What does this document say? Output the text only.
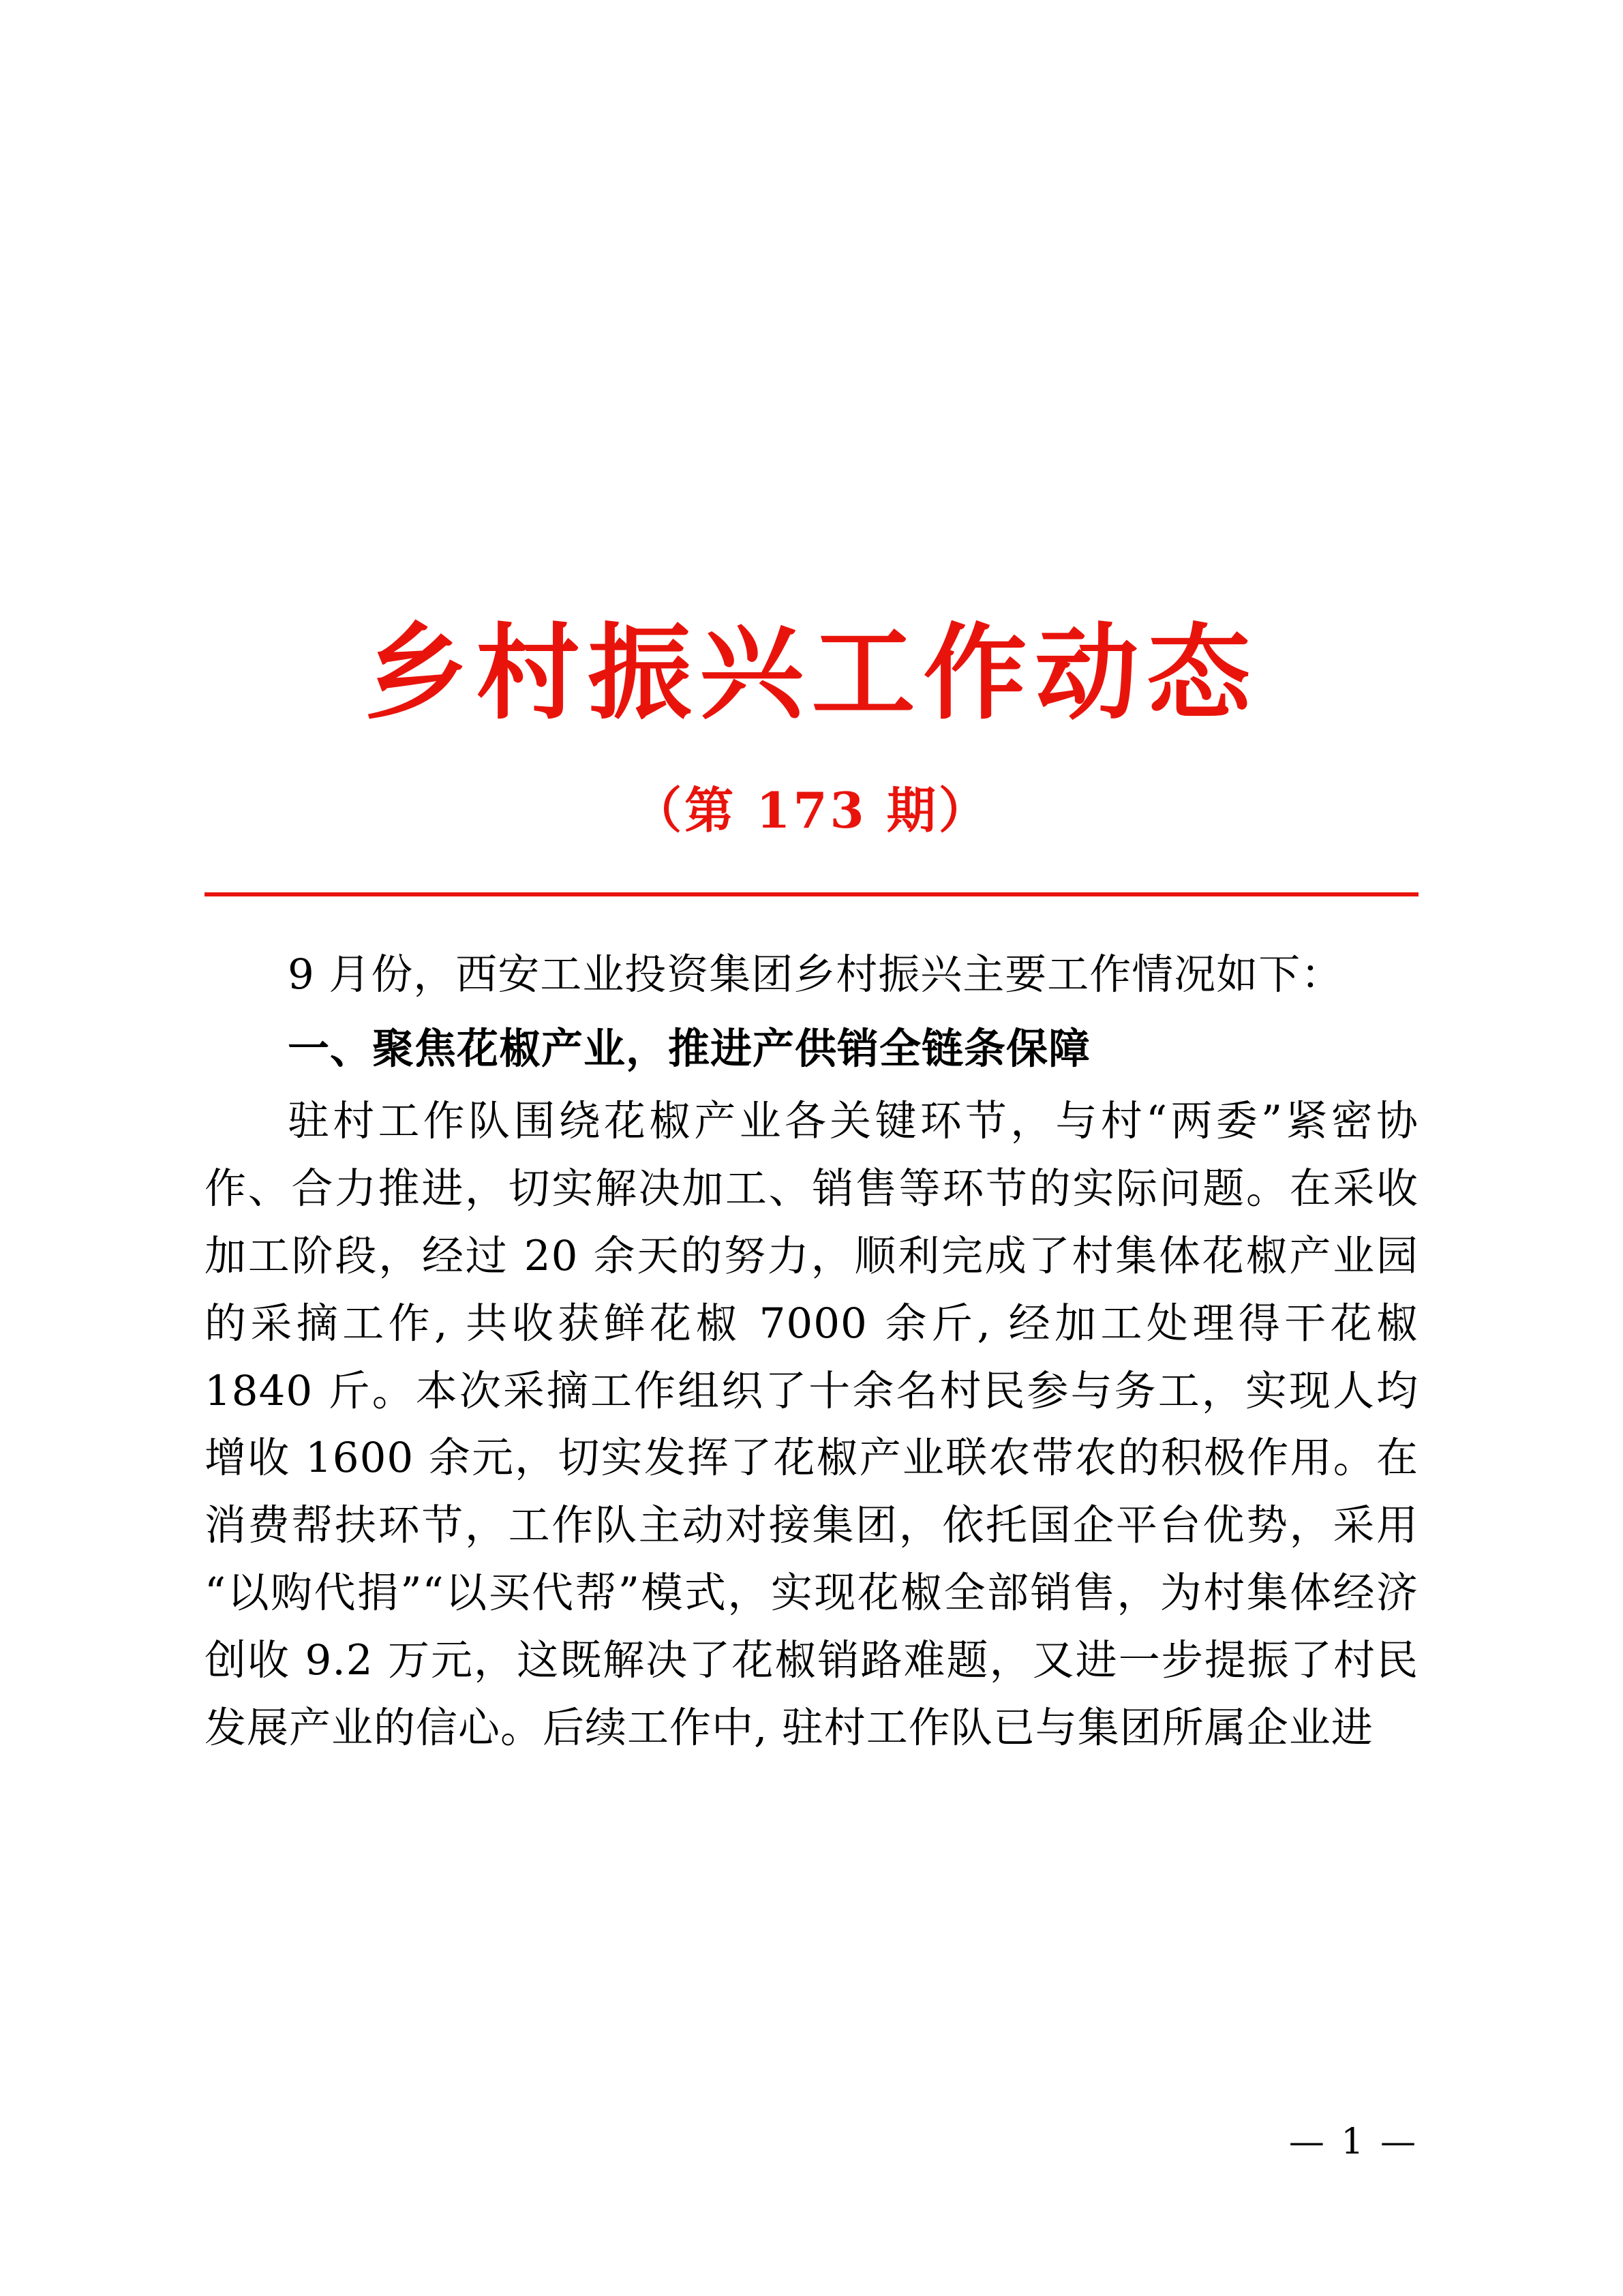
乡村振兴工作动态
（第 173 期）

9 月份，西安工业投资集团乡村振兴主要工作情况如下：

一、聚焦花椒产业，推进产供销全链条保障

驻村工作队围绕花椒产业各关键环节，与村“两委”紧密协作、合力推进，切实解决加工、销售等环节的实际问题。在采收加工阶段，经过 20 余天的努力，顺利完成了村集体花椒产业园的采摘工作, 共收获鲜花椒 7000 余斤, 经加工处理得干花椒 1840 斤。本次采摘工作组织了十余名村民参与务工，实现人均增收 1600 余元，切实发挥了花椒产业联农带农的积极作用。在消费帮扶环节，工作队主动对接集团，依托国企平台优势，采用“以购代捐”“以买代帮”模式，实现花椒全部销售，为村集体经济创收 9.2 万元，这既解决了花椒销路难题，又进一步提振了村民发展产业的信心。后续工作中, 驻村工作队已与集团所属企业进

— 1 —
